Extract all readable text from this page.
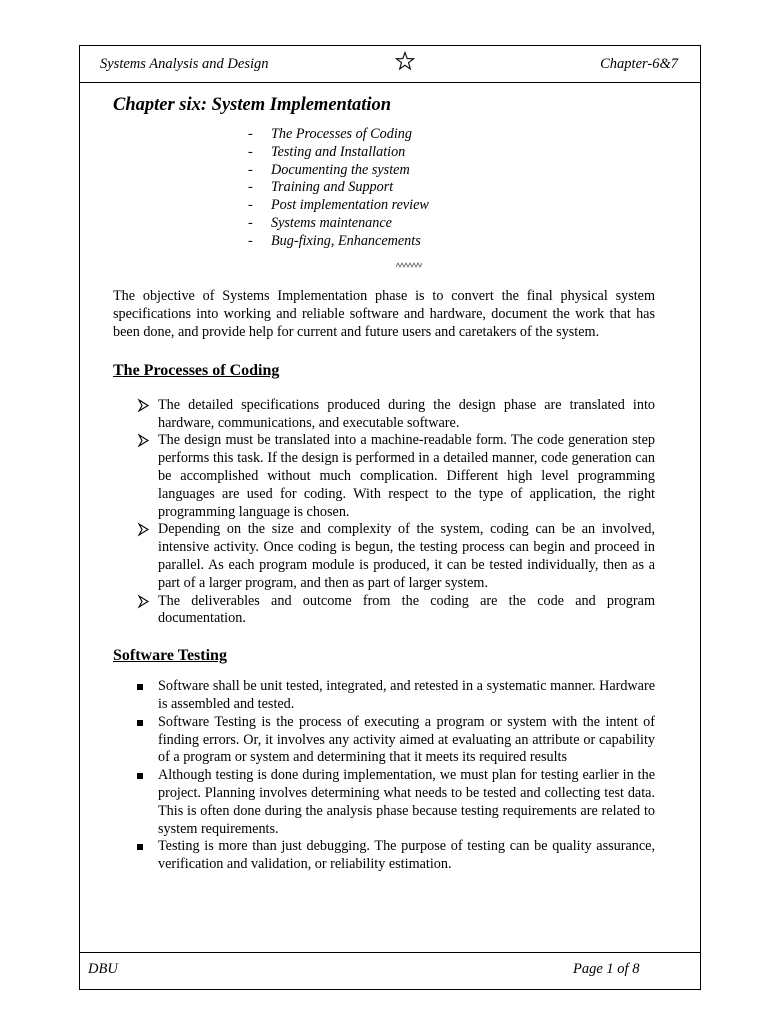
Systems Analysis and Design	Chapter-6&7
DBU	Page 1 of 8
Chapter six: System Implementation
- The Processes of Coding
- Testing and Installation
- Documenting the system
- Training and Support
- Post implementation review
- Systems maintenance
- Bug-fixing, Enhancements

The objective of Systems Implementation phase is to convert the final physical system specifications into working and reliable software and hardware, document the work that has been done, and provide help for current and future users and caretakers of the system.

The Processes of Coding
The detailed specifications produced during the design phase are translated into hardware, communications, and executable software.
The design must be translated into a machine-readable form. The code generation step performs this task. If the design is performed in a detailed manner, code generation can be accomplished without much complication. Different high level programming languages are used for coding. With respect to the type of application, the right programming language is chosen.
Depending on the size and complexity of the system, coding can be an involved, intensive activity. Once coding is begun, the testing process can begin and proceed in parallel. As each program module is produced, it can be tested individually, then as a part of a larger program, and then as part of larger system.
The deliverables and outcome from the coding are the code and program documentation.
Software Testing
Software shall be unit tested, integrated, and retested in a systematic manner. Hardware is assembled and tested.
Software Testing is the process of executing a program or system with the intent of finding errors. Or, it involves any activity aimed at evaluating an attribute or capability of a program or system and determining that it meets its required results
Although testing is done during implementation, we must plan for testing earlier in the project. Planning involves determining what needs to be tested and collecting test data. This is often done during the analysis phase because testing requirements are related to system requirements.
Testing is more than just debugging. The purpose of testing can be quality assurance, verification and validation, or reliability estimation.
